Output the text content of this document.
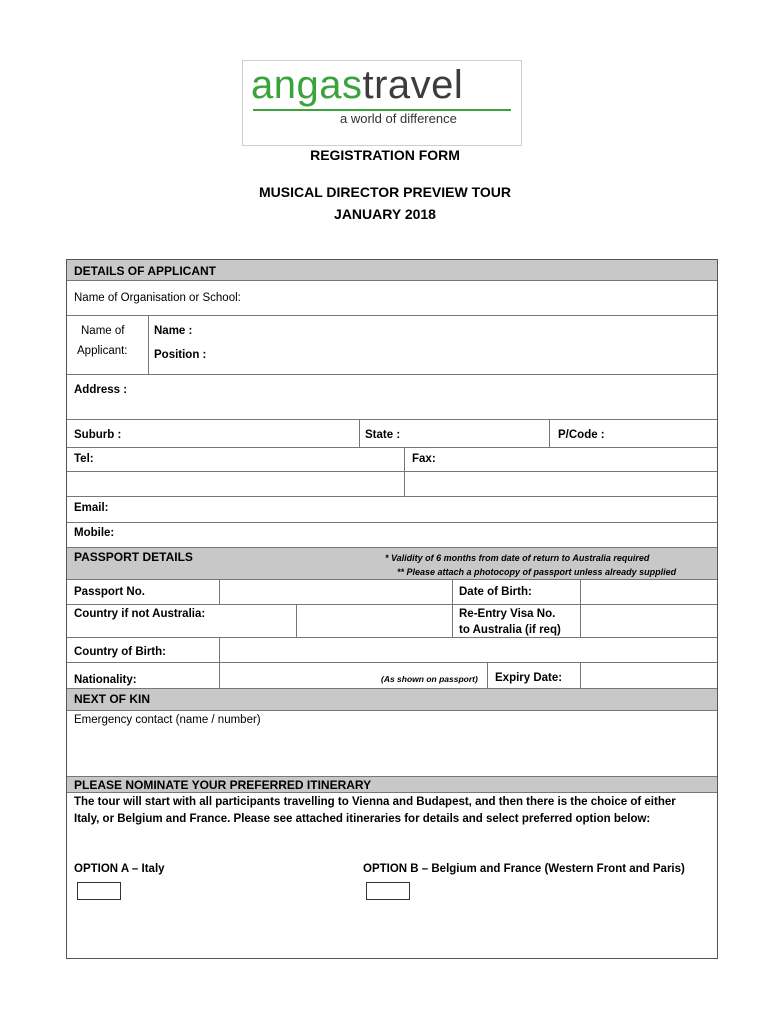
angastravel
a world of difference
REGISTRATION FORM
MUSICAL DIRECTOR PREVIEW TOUR
JANUARY 2018
DETAILS OF APPLICANT
Name of Organisation or School:
Name of
Applicant:
Name :
Position :
Address :
Suburb :	State :	P/Code :
Tel:	Fax:
Email:
Mobile:
PASSPORT DETAILS	* Validity of 6 months from date of return to Australia required
** Please attach a photocopy of passport unless already supplied
Passport No.	Date of Birth:
Country if not Australia:	Re-Entry Visa No.
to Australia (if req)
Country of Birth:
Nationality:	(As shown on passport) Expiry Date:
NEXT OF KIN
Emergency contact (name / number)
PLEASE NOMINATE YOUR PREFERRED ITINERARY
The tour will start with all participants travelling to Vienna and Budapest, and then there is the choice of either Italy, or Belgium and France. Please see attached itineraries for details and select preferred option below:
OPTION A – Italy	OPTION B – Belgium and France (Western Front and Paris)
